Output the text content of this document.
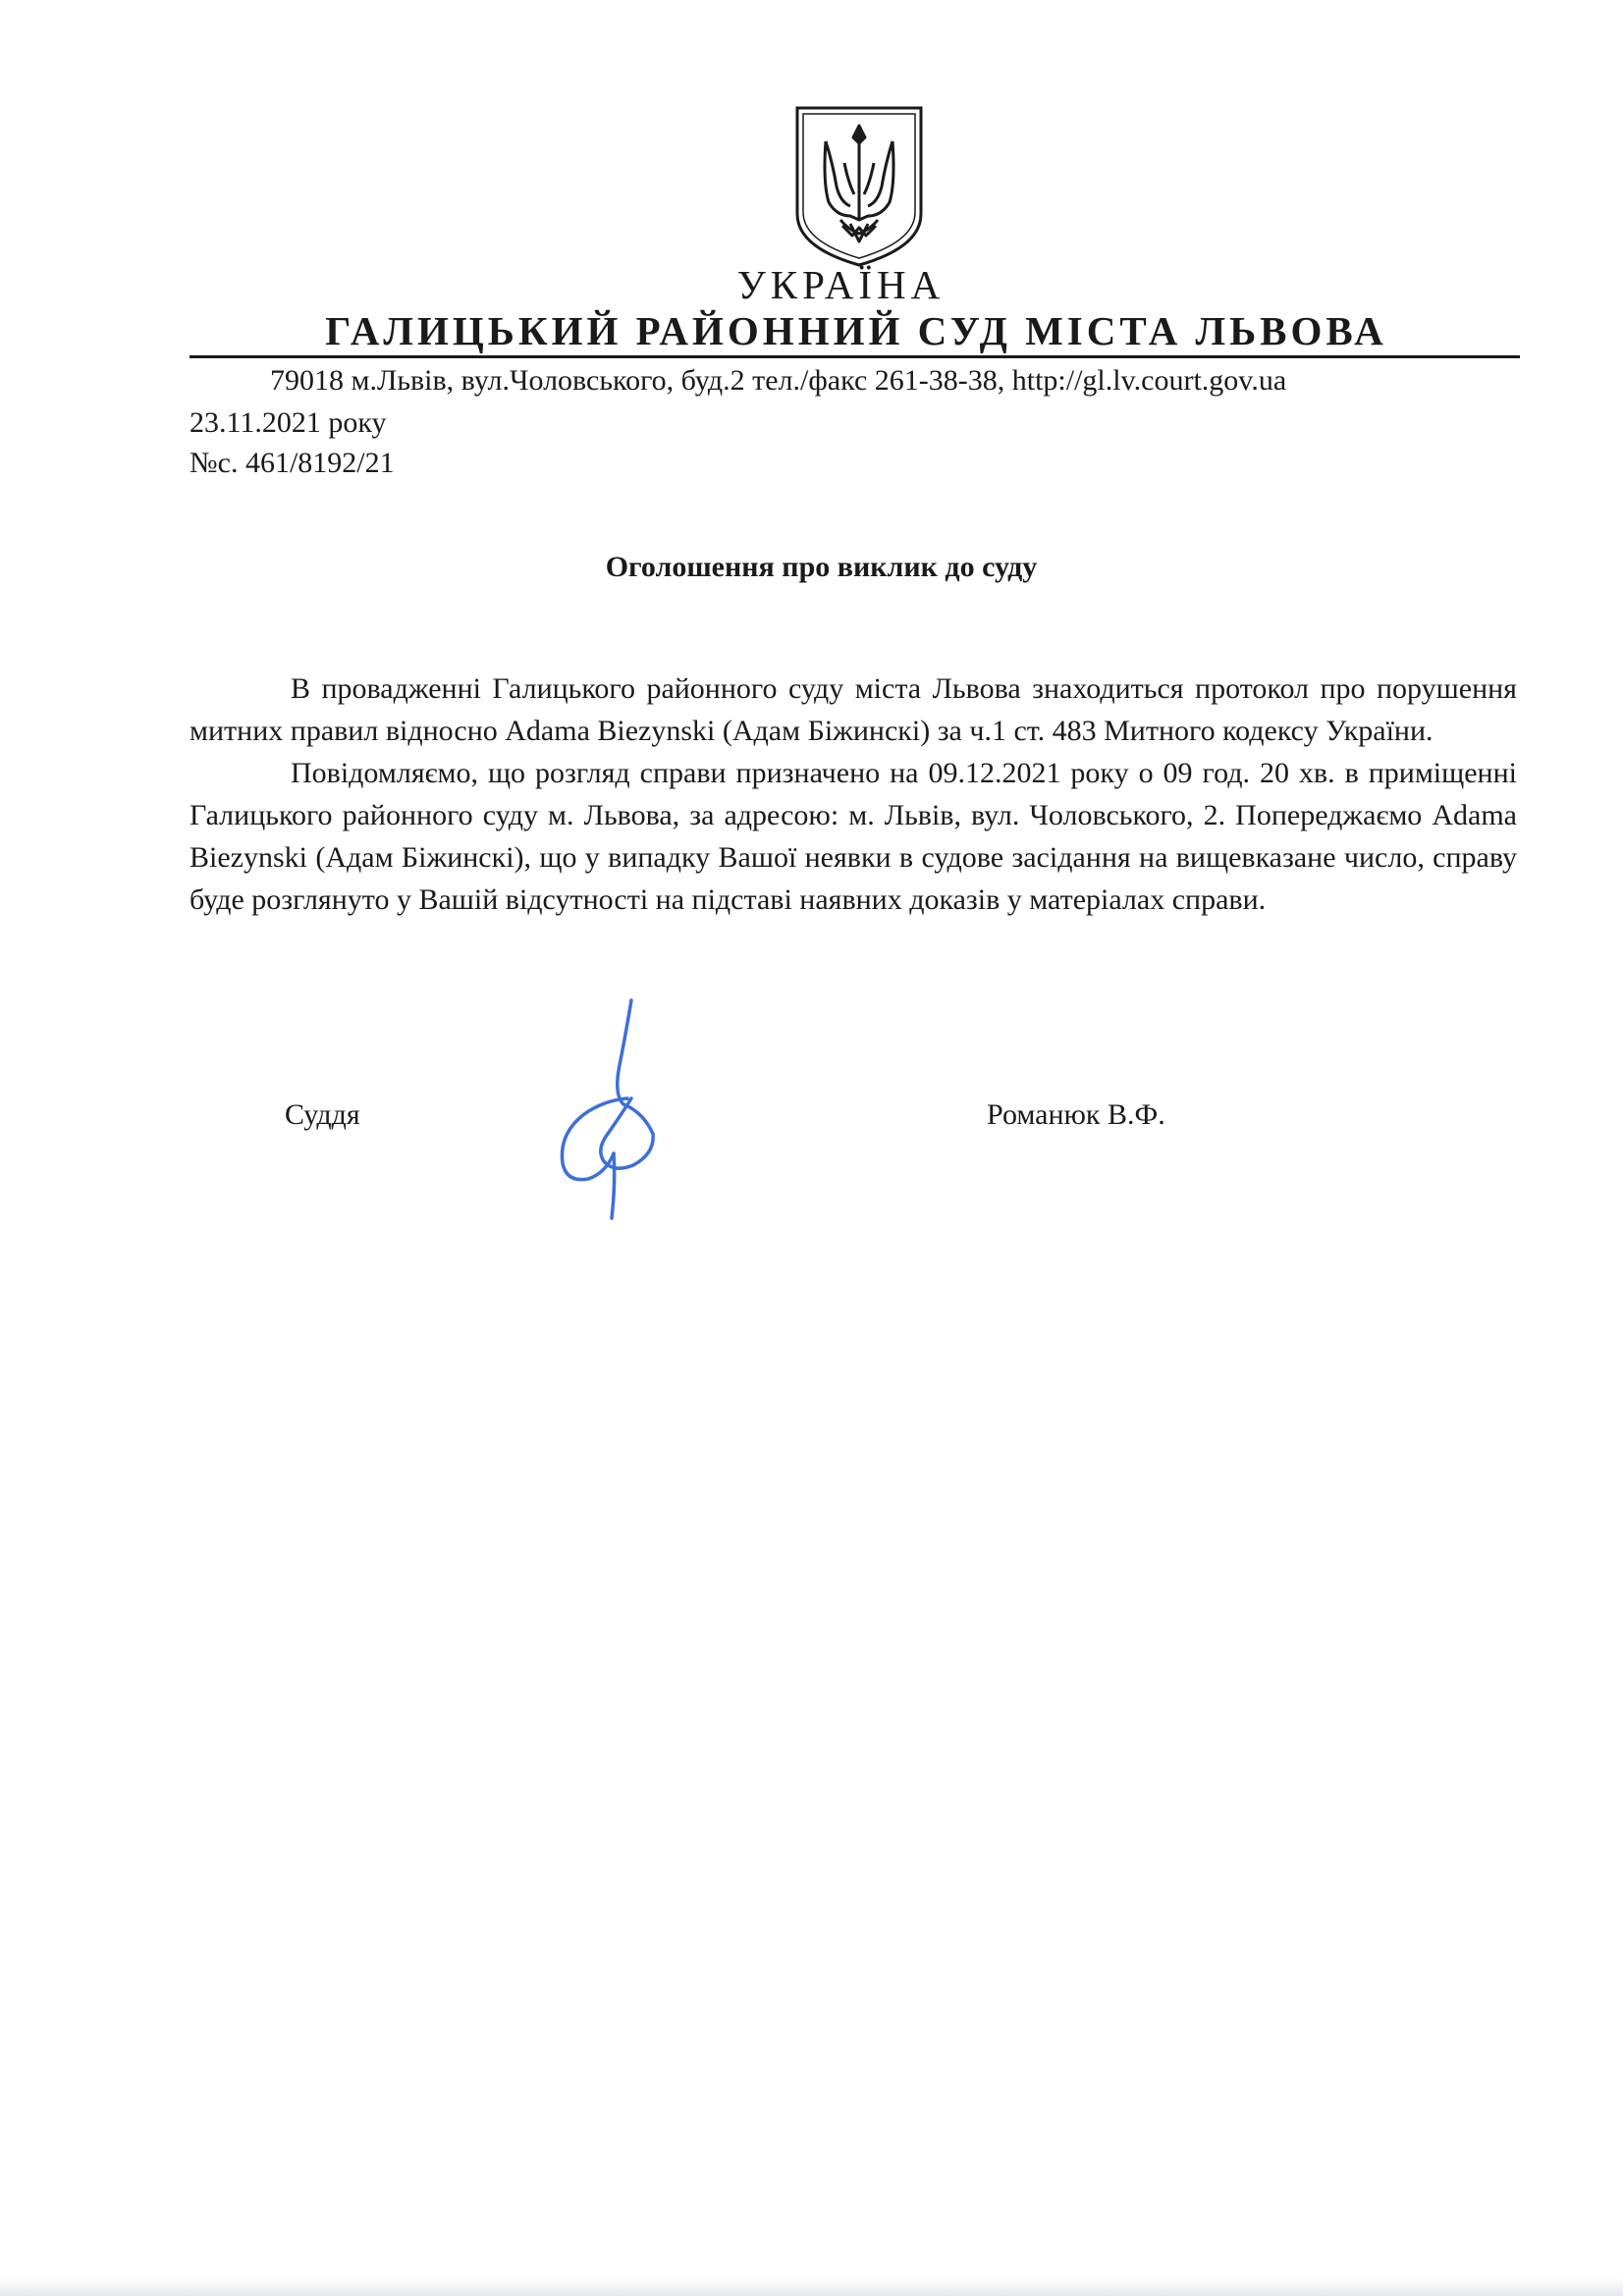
УКРАЇНА
ГАЛИЦЬКИЙ РАЙОННИЙ СУД МІСТА ЛЬВОВА
79018 м.Львів, вул.Чоловського, буд.2 тел./факс 261-38-38, http://gl.lv.court.gov.ua
23.11.2021 року
№с. 461/8192/21
Оголошення про виклик до суду

В провадженні Галицького районного суду міста Львова знаходиться протокол про порушення митних правил відносно Adama Biezynski (Адам Біжинскі) за ч.1 ст. 483 Митного кодексу України.

Повідомляємо, що розгляд справи призначено на 09.12.2021 року о 09 год. 20 хв. в приміщенні Галицького районного суду м. Львова, за адресою: м. Львів, вул. Чоловського, 2. Попереджаємо Adama Biezynski (Адам Біжинскі), що у випадку Вашої неявки в судове засідання на вищевказане число, справу буде розглянуто у Вашій відсутності на підставі наявних доказів у матеріалах справи.

Суддя	Романюк В.Ф.
